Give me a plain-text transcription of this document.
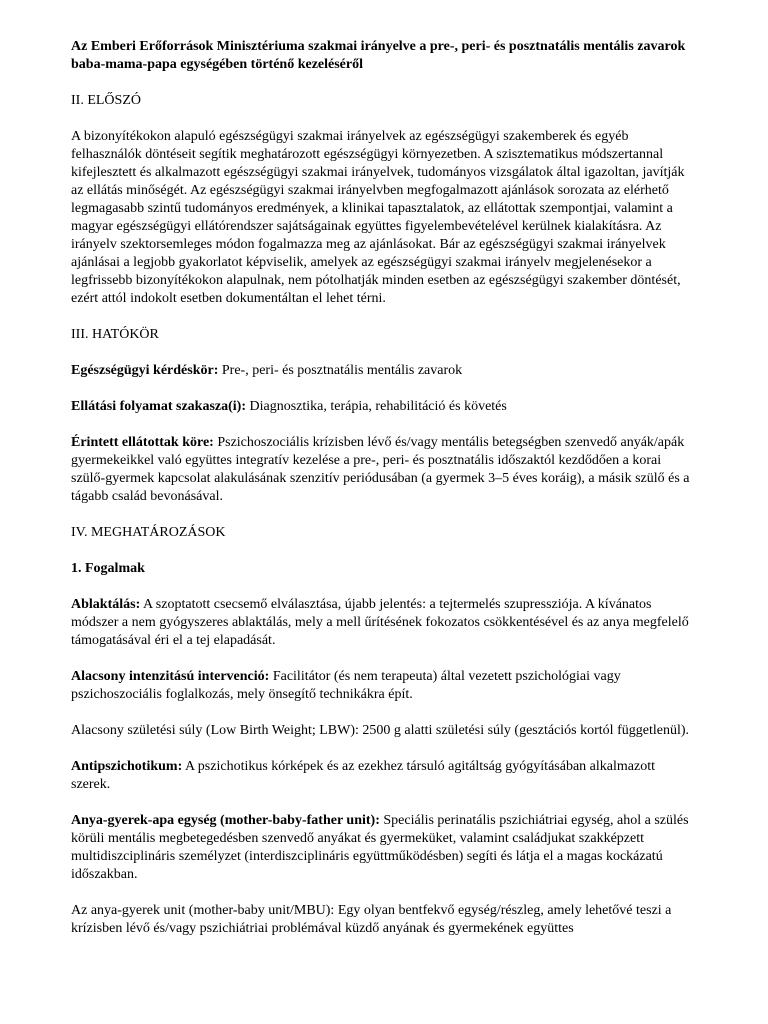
Az Emberi Erőforrások Minisztériuma szakmai irányelve a pre-, peri- és posztnatális mentális zavarok baba-mama-papa egységében történő kezeléséről

II. ELŐSZÓ

A bizonyítékokon alapuló egészségügyi szakmai irányelvek az egészségügyi szakemberek és egyéb felhasználók döntéseit segítik meghatározott egészségügyi környezetben. A szisztematikus módszertannal kifejlesztett és alkalmazott egészségügyi szakmai irányelvek, tudományos vizsgálatok által igazoltan, javítják az ellátás minőségét. Az egészségügyi szakmai irányelvben megfogalmazott ajánlások sorozata az elérhető legmagasabb szintű tudományos eredmények, a klinikai tapasztalatok, az ellátottak szempontjai, valamint a magyar egészségügyi ellátórendszer sajátságainak együttes figyelembevételével kerülnek kialakításra. Az irányelv szektorsemleges módon fogalmazza meg az ajánlásokat. Bár az egészségügyi szakmai irányelvek ajánlásai a legjobb gyakorlatot képviselik, amelyek az egészségügyi szakmai irányelv megjelenésekor a legfrissebb bizonyítékokon alapulnak, nem pótolhatják minden esetben az egészségügyi szakember döntését, ezért attól indokolt esetben dokumentáltan el lehet térni.

III. HATÓKÖR

Egészségügyi kérdéskör: Pre-, peri- és posztnatális mentális zavarok

Ellátási folyamat szakasza(i): Diagnosztika, terápia, rehabilitáció és követés

Érintett ellátottak köre: Pszichoszociális krízisben lévő és/vagy mentális betegségben szenvedő anyák/apák gyermekeikkel való együttes integratív kezelése a pre-, peri- és posztnatális időszaktól kezdődően a korai szülő-gyermek kapcsolat alakulásának szenzitív periódusában (a gyermek 3–5 éves koráig), a másik szülő és a tágabb család bevonásával.

IV. MEGHATÁROZÁSOK

1. Fogalmak

Ablaktálás: A szoptatott csecsemő elválasztása, újabb jelentés: a tejtermelés szupressziója. A kívánatos módszer a nem gyógyszeres ablaktálás, mely a mell űrítésének fokozatos csökkentésével és az anya megfelelő támogatásával éri el a tej elapadását.

Alacsony intenzitású intervenció: Facilitátor (és nem terapeuta) által vezetett pszichológiai vagy pszichoszociális foglalkozás, mely önsegítő technikákra épít.

Alacsony születési súly (Low Birth Weight; LBW): 2500 g alatti születési súly (gesztációs kortól függetlenül).

Antipszichotikum: A pszichotikus kórképek és az ezekhez társuló agitáltság gyógyításában alkalmazott szerek.

Anya-gyerek-apa egység (mother-baby-father unit): Speciális perinatális pszichiátriai egység, ahol a szülés körüli mentális megbetegedésben szenvedő anyákat és gyermeküket, valamint családjukat szakképzett multidiszciplináris személyzet (interdiszciplináris együttműködésben) segíti és látja el a magas kockázatú időszakban.

Az anya-gyerek unit (mother-baby unit/MBU): Egy olyan bentfekvő egység/részleg, amely lehetővé teszi a krízisben lévő és/vagy pszichiátriai problémával küzdő anyának és gyermekének együttes
